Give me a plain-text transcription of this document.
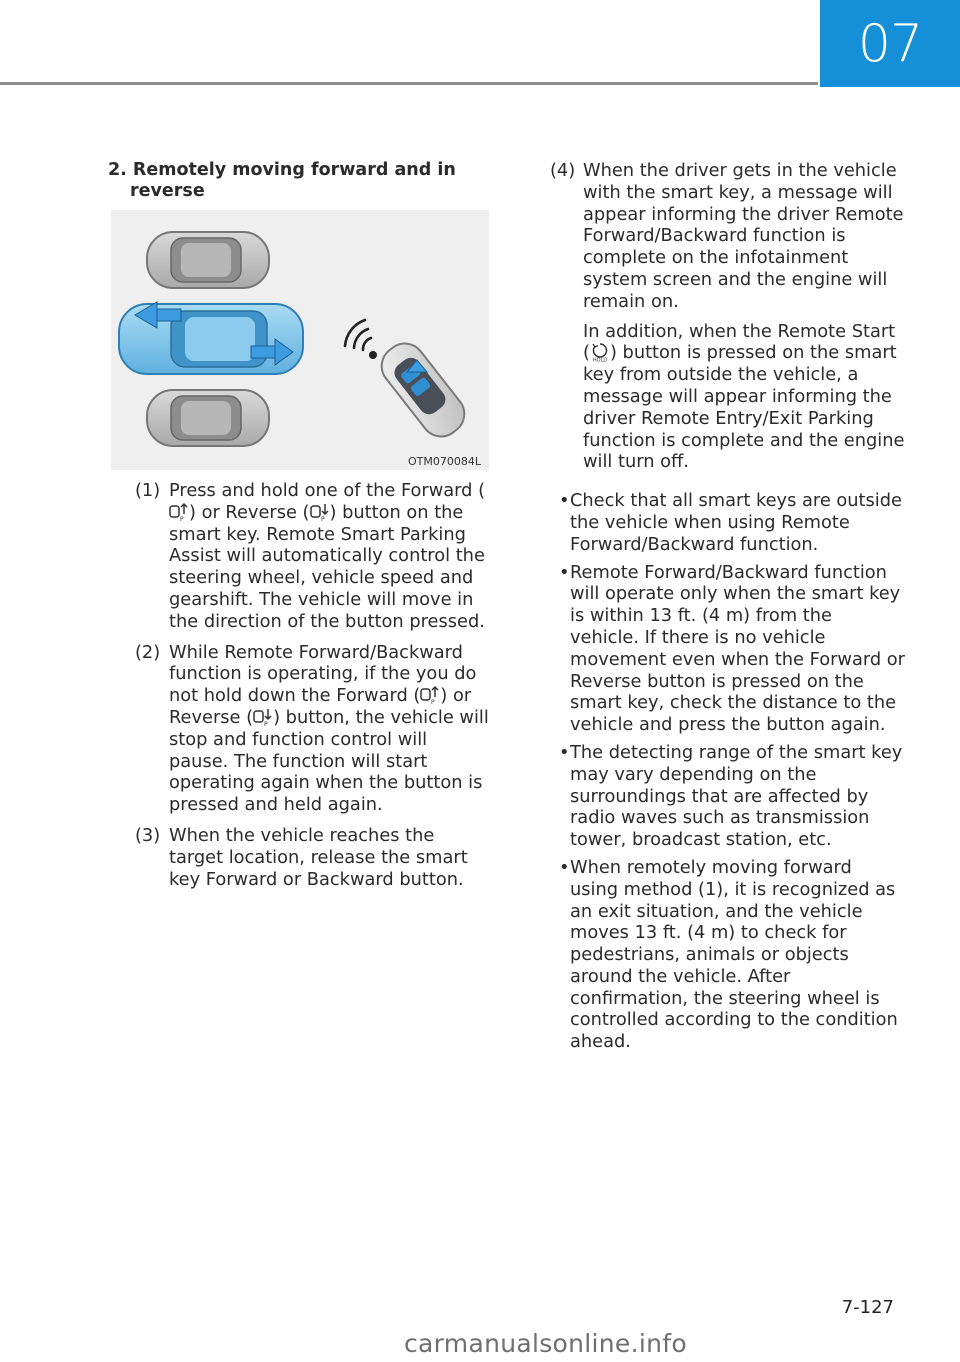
07
2. Remotely moving forward and in reverse
OTM070084L
(1) Press and hold one of the Forward (
P ) or Reverse ( P ) button on the smart key. Remote Smart Parking Assist will automatically control the steering wheel, vehicle speed and gearshift. The vehicle will move in the direction of the button pressed.
(2) While Remote Forward/Backward function is operating, if the you do not hold down the Forward ( P ) or Reverse ( P ) button, the vehicle will stop and function control will pause. The function will start operating again when the button is pressed and held again.
(3) When the vehicle reaches the target location, release the smart key Forward or Backward button.
(4) When the driver gets in the vehicle with the smart key, a message will appear informing the driver Remote Forward/Backward function is complete on the infotainment system screen and the engine will remain on.
In addition, when the Remote Start ( HOLD ) button is pressed on the smart key from outside the vehicle, a message will appear informing the driver Remote Entry/Exit Parking function is complete and the engine will turn off.
• Check that all smart keys are outside the vehicle when using Remote Forward/Backward function.
• Remote Forward/Backward function will operate only when the smart key is within 13 ft. (4 m) from the vehicle. If there is no vehicle movement even when the Forward or Reverse button is pressed on the smart key, check the distance to the vehicle and press the button again.
• The detecting range of the smart key may vary depending on the surroundings that are affected by radio waves such as transmission tower, broadcast station, etc.
• When remotely moving forward using method (1), it is recognized as an exit situation, and the vehicle moves 13 ft. (4 m) to check for pedestrians, animals or objects around the vehicle. After confirmation, the steering wheel is controlled according to the condition ahead.
7-127
carmanualsonline.info
